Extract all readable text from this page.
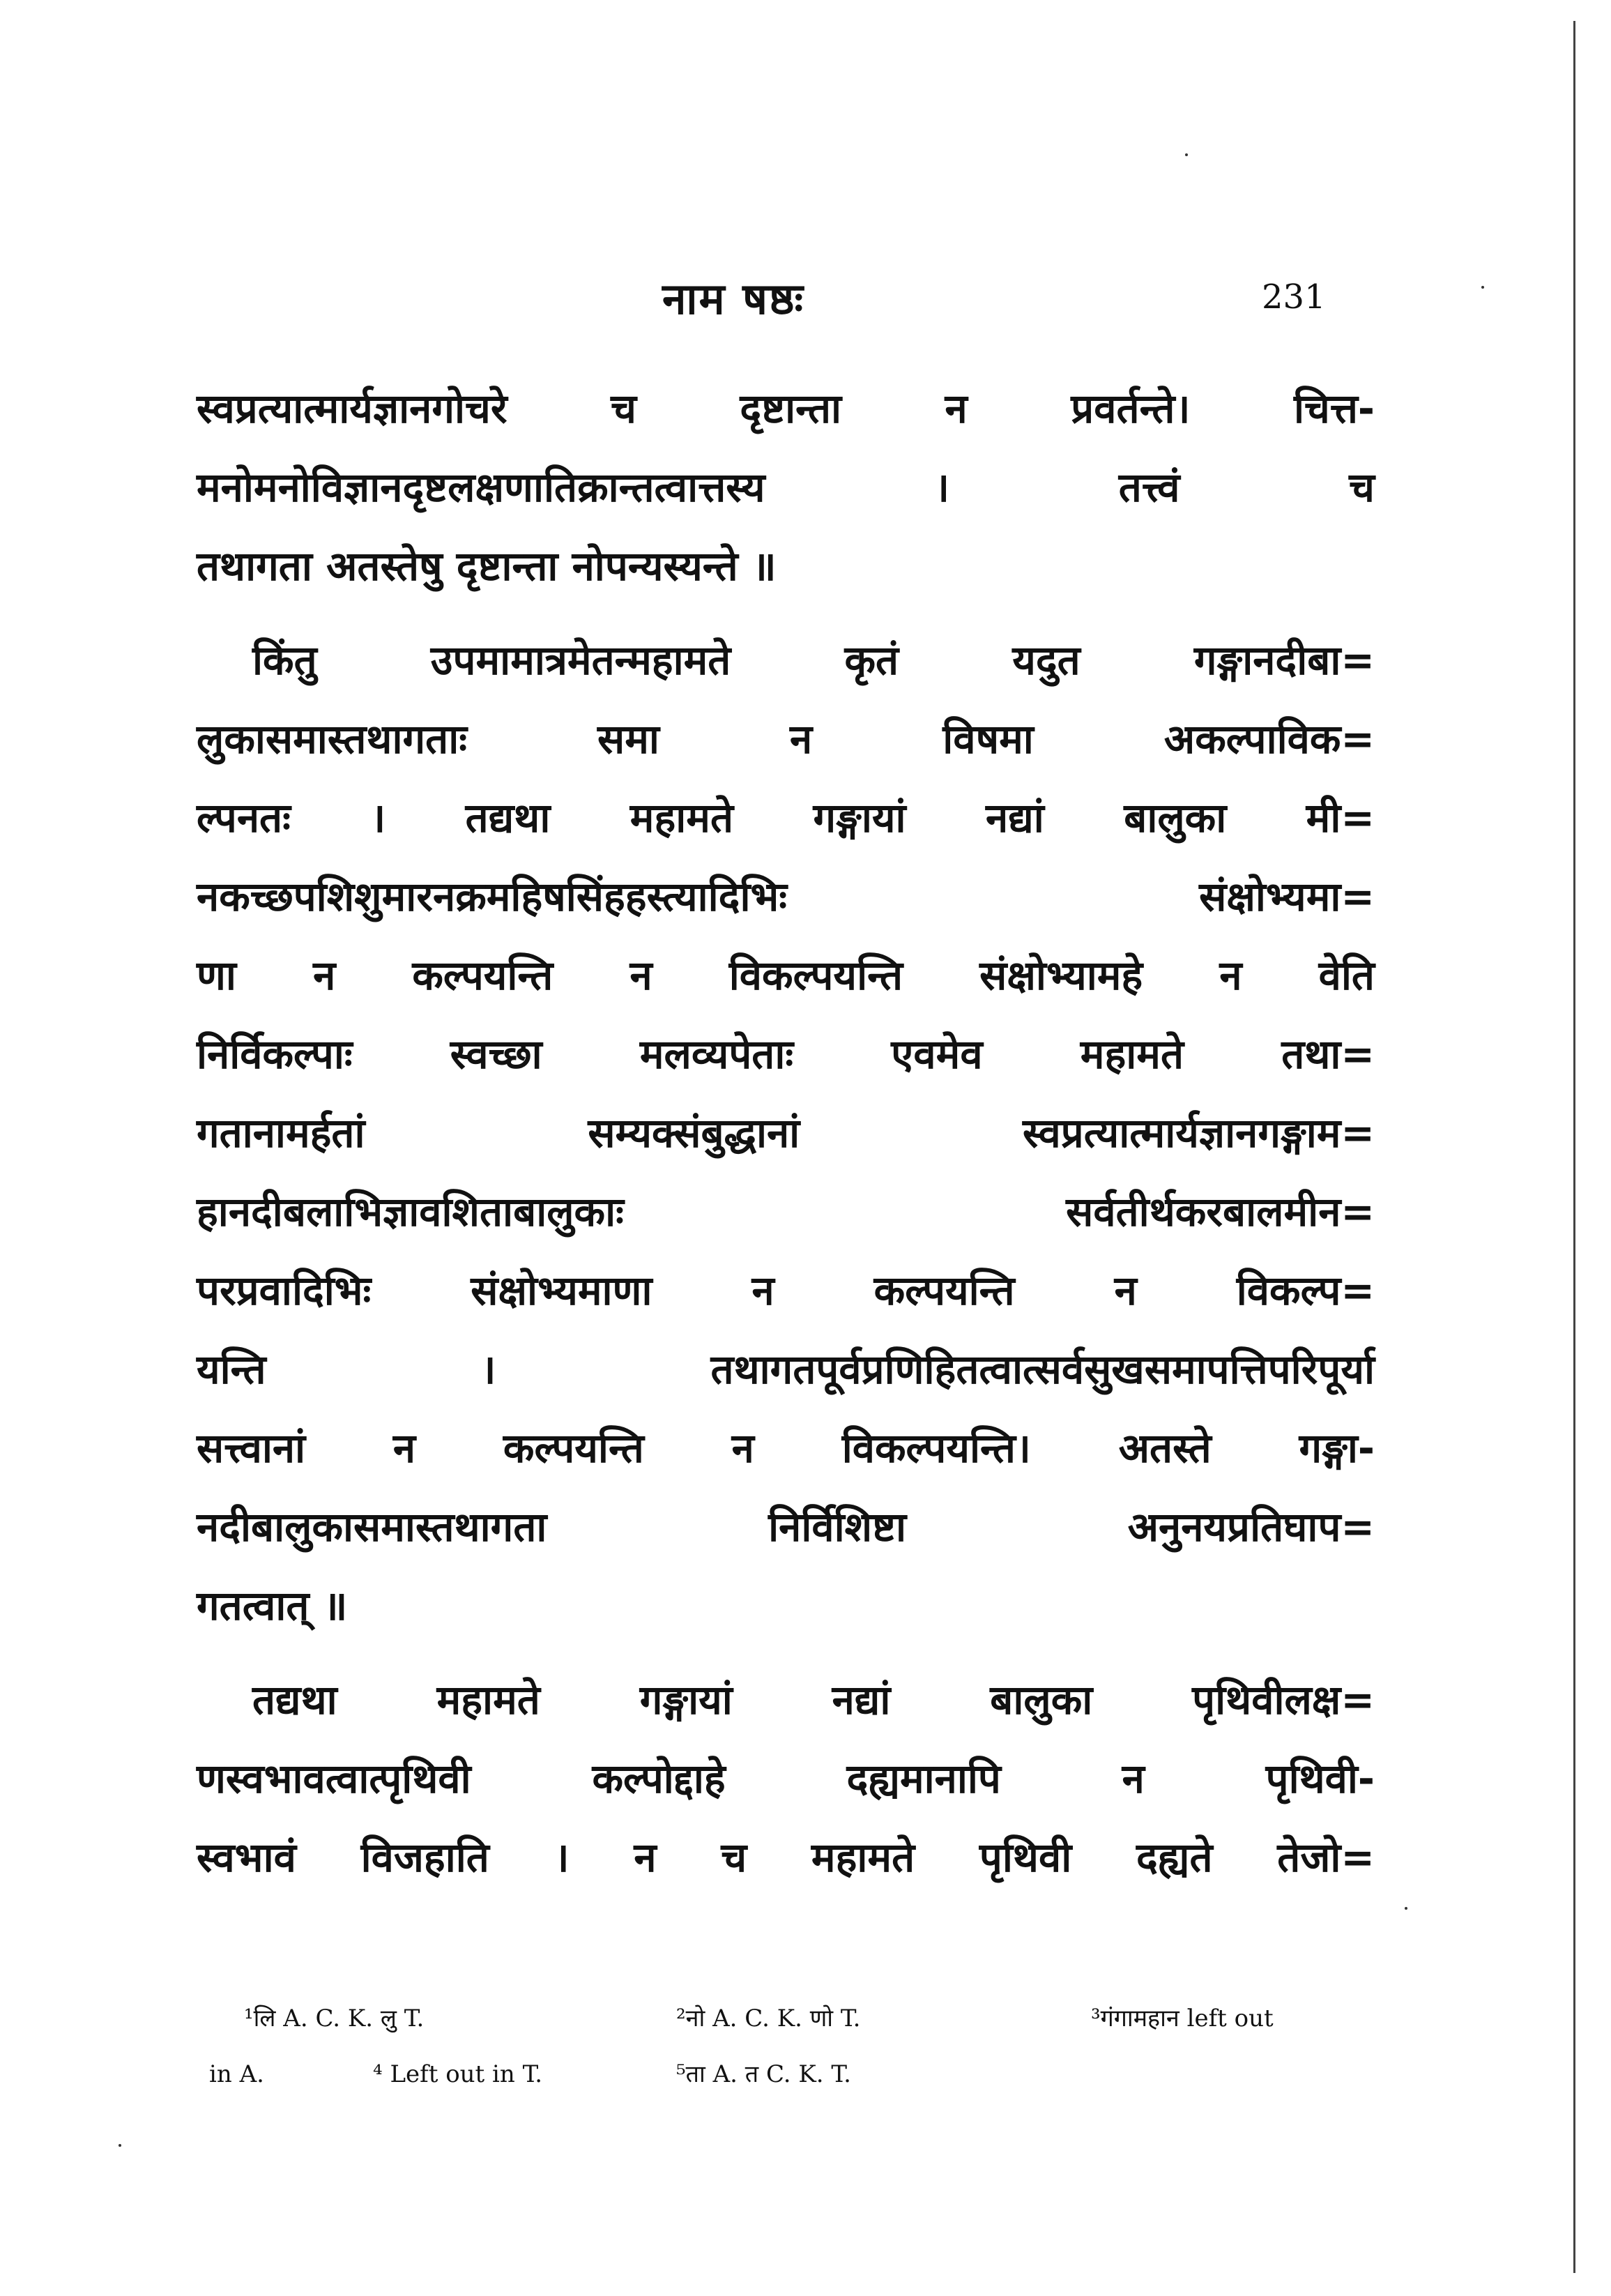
नाम षष्ठः	231
स्वप्रत्यात्मार्यज्ञानगोचरे च दृष्टान्ता न प्रवर्तन्ते। चित्त-
मनोमनोविज्ञानदृष्टलक्षणातिक्रान्तत्वात्तस्य । तत्त्वं च
तथागता अतस्तेषु दृष्टान्ता नोपन्यस्यन्ते ॥
किंतु उपमामात्रमेतन्महामते कृतं यदुत गङ्गानदीबा=
लुकासमास्तथागताः समा न विषमा अकल्पाविक=
ल्पनतः । तद्यथा महामते गङ्गायां नद्यां बालुका मी=
नकच्छपशिशुमारनक्रमहिषसिंहहस्त्यादिभिः संक्षोभ्यमा=
णा न कल्पयन्ति न विकल्पयन्ति संक्षोभ्यामहे न वेति
निर्विकल्पाः स्वच्छा मलव्यपेताः एवमेव महामते तथा=
गतानामर्हतां सम्यक्संबुद्धानां स्वप्रत्यात्मार्यज्ञानगङ्गाम=
हानदीबलाभिज्ञावशिताबालुकाः सर्वतीर्थकरबालमीन=
परप्रवादिभिः संक्षोभ्यमाणा न कल्पयन्ति न विकल्प=
यन्ति । तथागतपूर्वप्रणिहितत्वात्सर्वसुखसमापत्तिपरिपूर्या
सत्त्वानां न कल्पयन्ति न विकल्पयन्ति। अतस्ते गङ्गा-
नदीबालुकासमास्तथागता निर्विशिष्टा अनुनयप्रतिघाप=
गतत्वात् ॥
तद्यथा महामते गङ्गायां नद्यां बालुका पृथिवीलक्ष=
णस्वभावत्वात्पृथिवी कल्पोद्दाहे दह्यमानापि न पृथिवी-
स्वभावं विजहाति । न च महामते पृथिवी दह्यते तेजो=
¹लि A. C. K. लु T.	²नो A. C. K. णो T.	³गंगामहान left out
in A.	⁴ Left out in T.	⁵ता A. त C. K. T.
